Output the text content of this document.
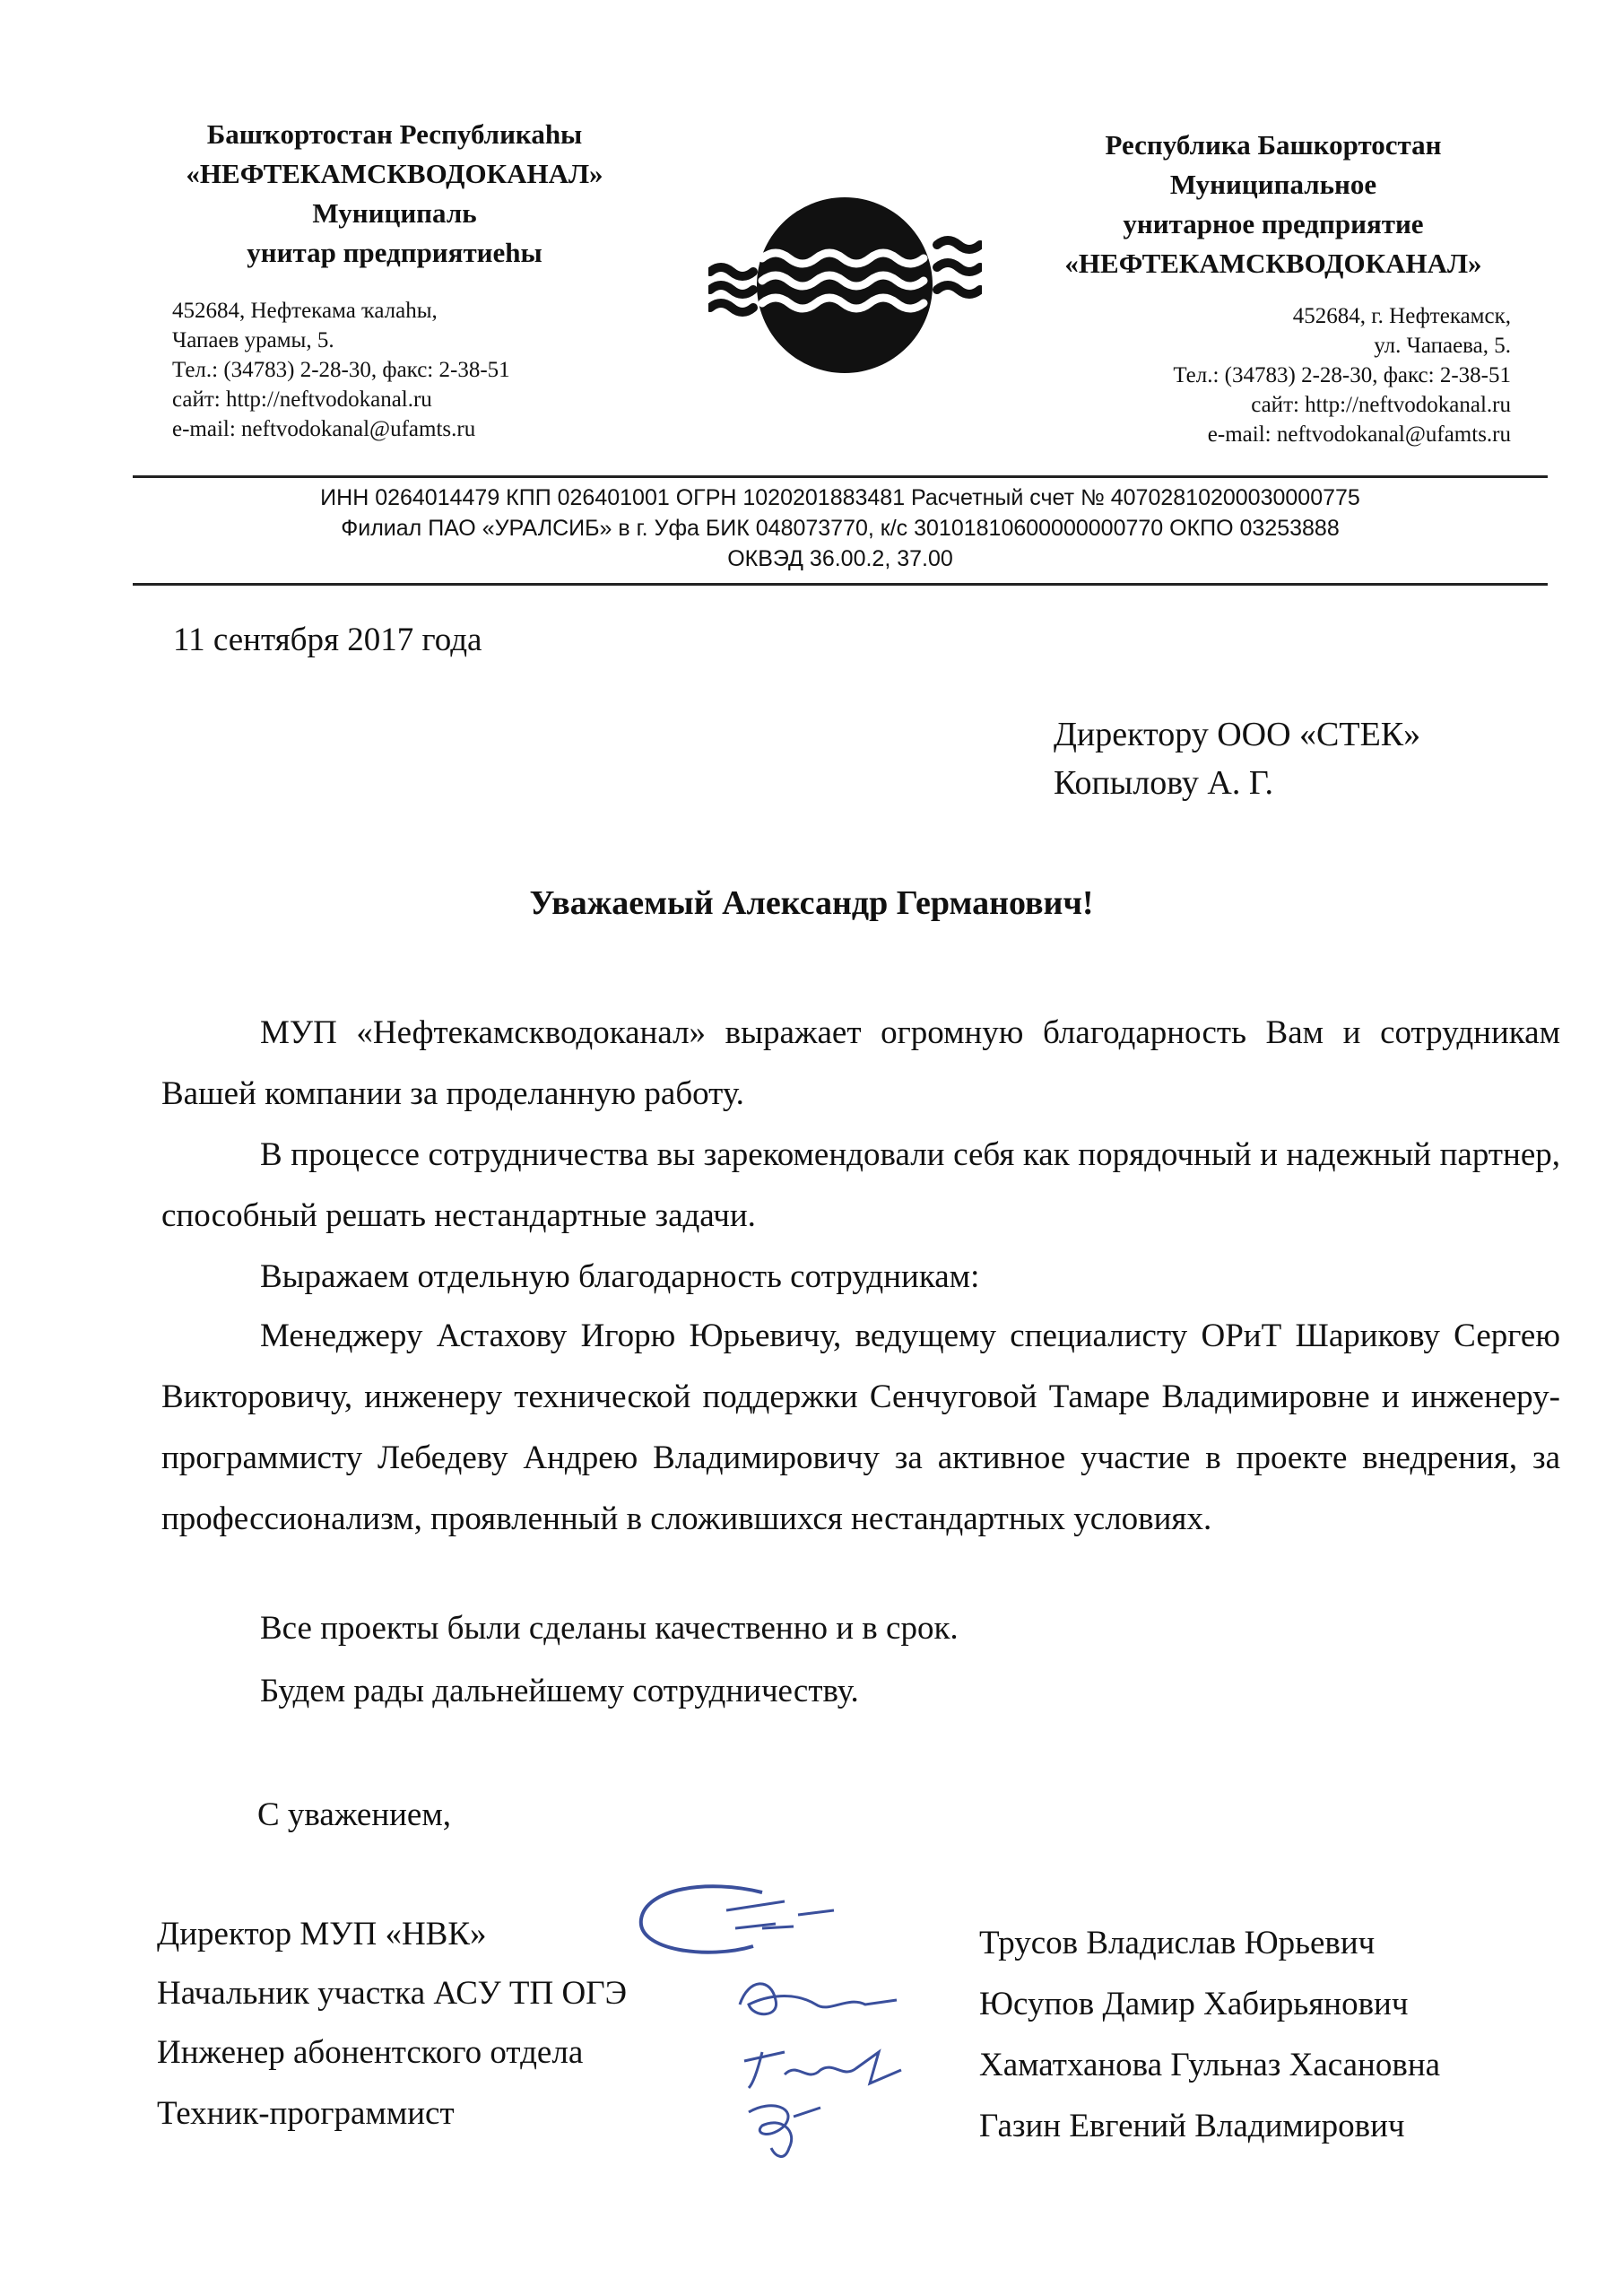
Башҡортостан Республикаһы
«НЕФТЕКАМСКВОДОКАНАЛ»
Муниципаль
унитар предприятиеһы
452684, Нефтекама ҡалаһы,
Чапаев урамы, 5.
Тел.: (34783) 2-28-30, факс: 2-38-51
сайт: http://neftvodokanal.ru
e-mail: neftvodokanal@ufamts.ru
Республика Башкортостан
Муниципальное
унитарное предприятие
«НЕФТЕКАМСКВОДОКАНАЛ»
452684, г. Нефтекамск,
ул. Чапаева, 5.
Тел.: (34783) 2-28-30, факс: 2-38-51
сайт: http://neftvodokanal.ru
e-mail: neftvodokanal@ufamts.ru
ИНН 0264014479 КПП 026401001 ОГРН 1020201883481 Расчетный счет № 40702810200030000775
Филиал ПАО «УРАЛСИБ» в г. Уфа БИК 048073770, к/с 30101810600000000770 ОКПО 03253888
ОКВЭД 36.00.2, 37.00
11 сентября 2017 года
Директору ООО «СТЕК»
Копылову А. Г.
Уважаемый Александр Германович!
МУП «Нефтекамскводоканал» выражает огромную благодарность Вам и сотрудникам Вашей компании за проделанную работу.
В процессе сотрудничества вы зарекомендовали себя как порядочный и надежный партнер, способный решать нестандартные задачи.
Выражаем отдельную благодарность сотрудникам:
Менеджеру Астахову Игорю Юрьевичу, ведущему специалисту ОРиТ Шарикову Сергею Викторовичу, инженеру технической поддержки Сенчуговой Тамаре Владимировне и инженеру-программисту Лебедеву Андрею Владимировичу за активное участие в проекте внедрения, за профессионализм, проявленный в сложившихся нестандартных условиях.
Все проекты были сделаны качественно и в срок.
Будем рады дальнейшему сотрудничеству.
С уважением,
Директор МУП «НВК»	Трусов Владислав Юрьевич
Начальник участка АСУ ТП ОГЭ	Юсупов Дамир Хабирьянович
Инженер абонентского отдела	Хаматханова Гульназ Хасановна
Техник-программист	Газин Евгений Владимирович
